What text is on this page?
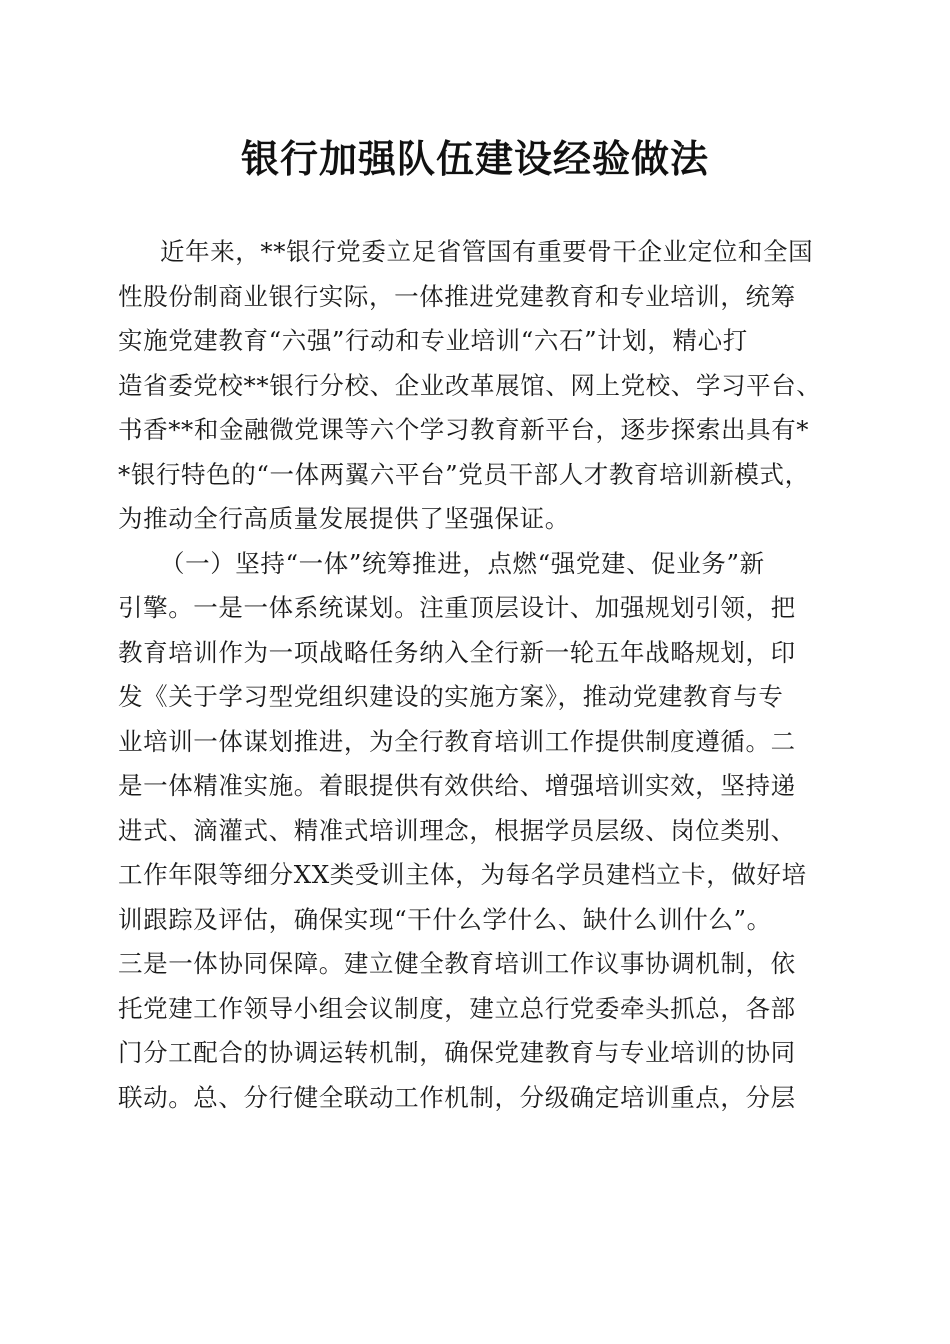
银行加强队伍建设经验做法
近年来，**银行党委立足省管国有重要骨干企业定位和全国
性股份制商业银行实际，一体推进党建教育和专业培训，统筹
实施党建教育“六强”行动和专业培训“六石”计划，精心打
造省委党校**银行分校、企业改革展馆、网上党校、学习平台、
书香**和金融微党课等六个学习教育新平台，逐步探索出具有*
*银行特色的“一体两翼六平台”党员干部人才教育培训新模式，
为推动全行高质量发展提供了坚强保证。
（一）坚持“一体”统筹推进，点燃“强党建、促业务”新
引擎。一是一体系统谋划。注重顶层设计、加强规划引领，把
教育培训作为一项战略任务纳入全行新一轮五年战略规划，印
发《关于学习型党组织建设的实施方案》，推动党建教育与专
业培训一体谋划推进，为全行教育培训工作提供制度遵循。二
是一体精准实施。着眼提供有效供给、增强培训实效，坚持递
进式、滴灌式、精准式培训理念，根据学员层级、岗位类别、
工作年限等细分XX类受训主体，为每名学员建档立卡，做好培
训跟踪及评估，确保实现“干什么学什么、缺什么训什么”。
三是一体协同保障。建立健全教育培训工作议事协调机制，依
托党建工作领导小组会议制度，建立总行党委牵头抓总，各部
门分工配合的协调运转机制，确保党建教育与专业培训的协同
联动。总、分行健全联动工作机制，分级确定培训重点，分层
